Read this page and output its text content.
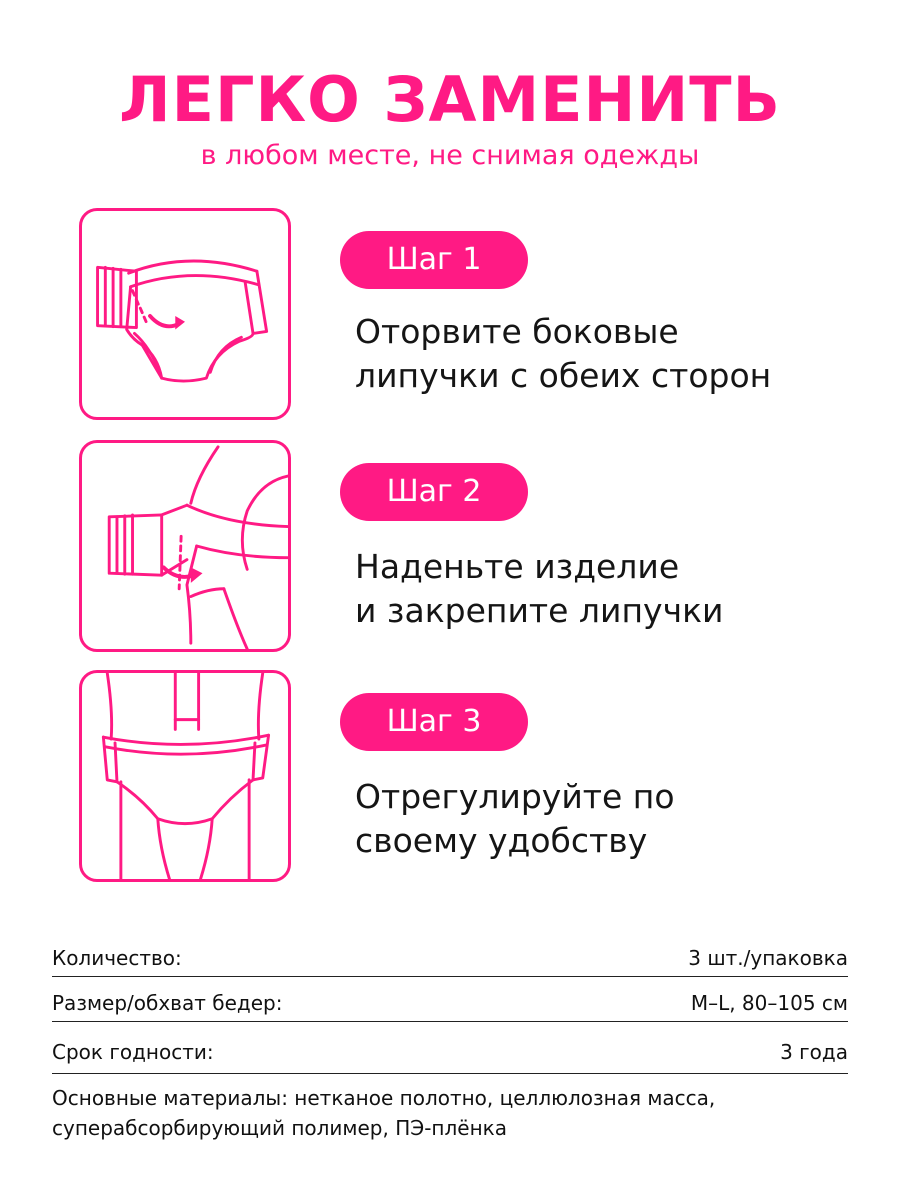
ЛЕГКО ЗАМЕНИТЬ
в любом месте, не снимая одежды
Шаг 1
Оторвите боковые
липучки с обеих сторон
Шаг 2
Наденьте изделие
и закрепите липучки
Шаг 3
Отрегулируйте по
своему удобству
Количество:	3 шт./упаковка
Размер/обхват бедер:	M–L, 80–105 см
Срок годности:	3 года
Основные материалы: нетканое полотно, целлюлозная масса,
суперабсорбирующий полимер, ПЭ-плёнка
